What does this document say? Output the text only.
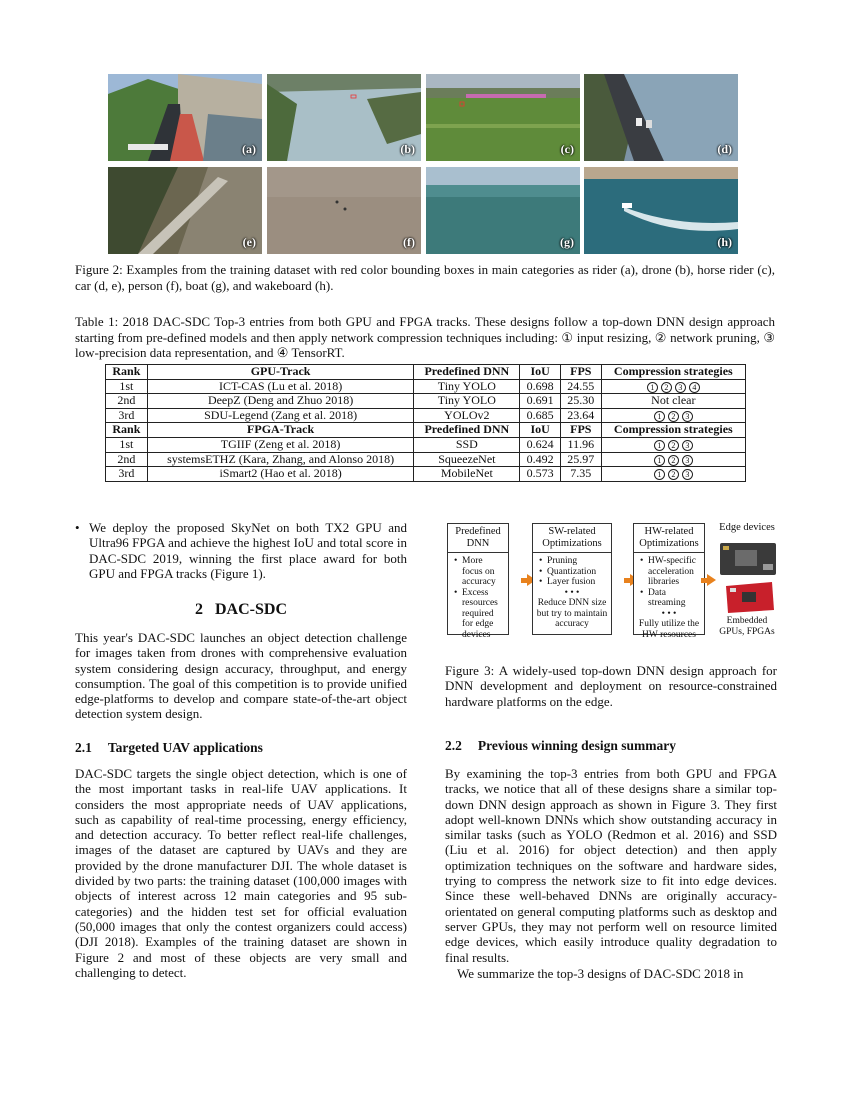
(a)	(b)	(c)	(d)
(e)	(f)	(g)	(h)

Figure 2: Examples from the training dataset with red color bounding boxes in main categories as rider (a), drone (b), horse rider (c), car (d, e), person (f), boat (g), and wakeboard (h).

Table 1: 2018 DAC-SDC Top-3 entries from both GPU and FPGA tracks. These designs follow a top-down DNN design approach starting from pre-defined models and then apply network compression techniques including: ① input resizing, ② network pruning, ③ low-precision data representation, and ④ TensorRT.

Rank	GPU-Track	Predefined DNN	IoU	FPS	Compression strategies
1st	ICT-CAS (Lu et al. 2018)	Tiny YOLO	0.698	24.55	1 2 3 4
2nd	DeepZ (Deng and Zhuo 2018)	Tiny YOLO	0.691	25.30	Not clear
3rd	SDU-Legend (Zang et al. 2018)	YOLOv2	0.685	23.64	1 2 3
Rank	FPGA-Track	Predefined DNN	IoU	FPS	Compression strategies
1st	TGIIF (Zeng et al. 2018)	SSD	0.624	11.96	1 2 3
2nd	systemsETHZ (Kara, Zhang, and Alonso 2018)	SqueezeNet	0.492	25.97	1 2 3
3rd	iSmart2 (Hao et al. 2018)	MobileNet	0.573	7.35	1 2 3
• We deploy the proposed SkyNet on both TX2 GPU and Ultra96 FPGA and achieve the highest IoU and total score in DAC-SDC 2019, winning the first place award for both GPU and FPGA tracks (Figure 1).

2 DAC-SDC

This year's DAC-SDC launches an object detection challenge for images taken from drones with comprehensive evaluation system considering design accuracy, throughput, and energy consumption. The goal of this competition is to provide unified edge-platforms to develop and compare state-of-the-art object detection system design.

2.1 Targeted UAV applications

DAC-SDC targets the single object detection, which is one of the most important tasks in real-life UAV applications. It considers the most appropriate needs of UAV applications, such as capability of real-time processing, energy efficiency, and detection accuracy. To better reflect real-life challenges, images of the dataset are captured by UAVs and they are provided by the drone manufacturer DJI. The whole dataset is divided by two parts: the training dataset (100,000 images with objects of interest across 12 main categories and 95 sub-categories) and the hidden test set for official evaluation (50,000 images that only the contest organizers could access) (DJI 2018). Examples of the training dataset are shown in Figure 2 and most of these objects are very small and challenging to detect.

Predefined DNN
• More focus on accuracy
• Excess resources required for edge devices
SW-related Optimizations
• Pruning
• Quantization
• Layer fusion
• • •
Reduce DNN size but try to maintain accuracy
HW-related Optimizations
• HW-specific acceleration libraries
• Data streaming
• • •
Fully utilize the HW resources
Edge devices
Embedded GPUs, FPGAs

Figure 3: A widely-used top-down DNN design approach for DNN development and deployment on resource-constrained hardware platforms on the edge.

2.2 Previous winning design summary

By examining the top-3 entries from both GPU and FPGA tracks, we notice that all of these designs share a similar top-down DNN design approach as shown in Figure 3. They first adopt well-known DNNs which show outstanding accuracy in similar tasks (such as YOLO (Redmon et al. 2016) and SSD (Liu et al. 2016) for object detection) and then apply optimization techniques on the software and hardware sides, trying to compress the network size to fit into edge devices. Since these well-behaved DNNs are originally accuracy-orientated on general computing platforms such as desktop and server GPUs, they may not perform well on resource limited edge devices, which easily introduce quality degradation to final results.

We summarize the top-3 designs of DAC-SDC 2018 in
